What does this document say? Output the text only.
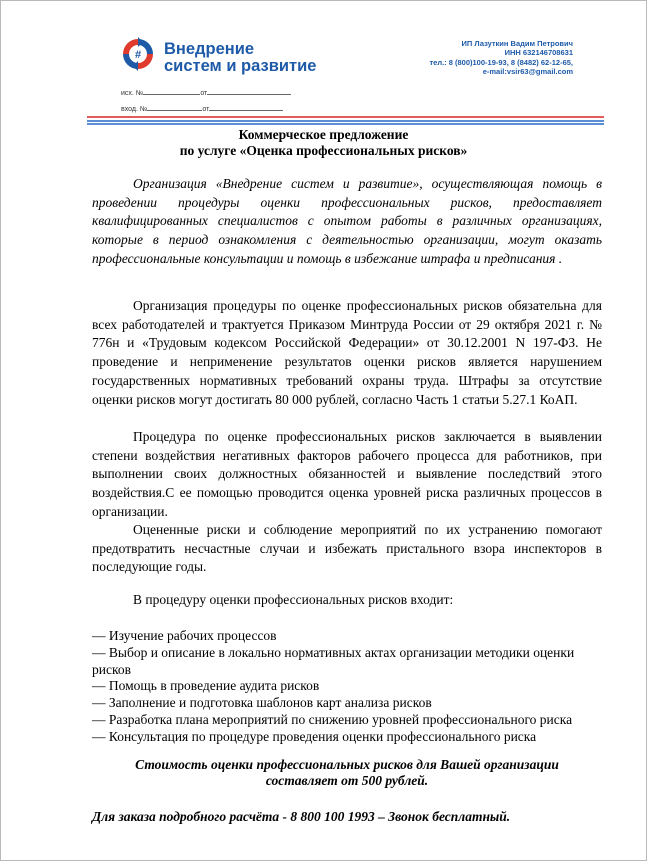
# Внедрение
систем и развитие
ИП Лазуткин Вадим Петрович
ИНН 632146708631
тел.: 8 (800)100-19-93, 8 (8482) 62-12-65,
e-mail:vsir63@gmail.com
исх. №	от
вход. №	от
Коммерческое предложение
по услуге «Оценка профессиональных рисков»
Организация «Внедрение систем и развитие», осуществляющая помощь в проведении процедуры оценки профессиональных рисков, предоставляет квалифицированных специалистов с опытом работы в различных организациях, которые в период ознакомления с деятельностью организации, могут оказать профессиональные консультации и помощь в избежание штрафа и предписания .
Организация процедуры по оценке профессиональных рисков обязательна для всех работодателей и трактуется Приказом Минтруда России от 29 октября 2021 г. № 776н и «Трудовым кодексом Российской Федерации» от 30.12.2001 N 197-ФЗ. Не проведение и неприменение результатов оценки рисков является нарушением государственных нормативных требований охраны труда. Штрафы за отсутствие оценки рисков могут достигать 80 000 рублей, согласно Часть 1 статьи 5.27.1 КоАП.
Процедура по оценке профессиональных рисков заключается в выявлении степени воздействия негативных факторов рабочего процесса для работников, при выполнении своих должностных обязанностей и выявление последствий этого воздействия.С ее помощью проводится оценка уровней риска различных процессов в организации.
Оцененные риски и соблюдение мероприятий по их устранению помогают предотвратить несчастные случаи и избежать пристального взора инспекторов в последующие годы.
В процедуру оценки профессиональных рисков входит:
— Изучение рабочих процессов
— Выбор и описание в локально нормативных актах организации методики оценки рисков
— Помощь в проведение аудита рисков
— Заполнение и подготовка шаблонов карт анализа рисков
— Разработка плана мероприятий по снижению уровней профессионального риска
— Консультация по процедуре проведения оценки профессионального риска
Стоимость оценки профессиональных рисков для Вашей организации
составляет от 500 рублей.
Для заказа подробного расчёта - 8 800 100 1993 – Звонок бесплатный.
